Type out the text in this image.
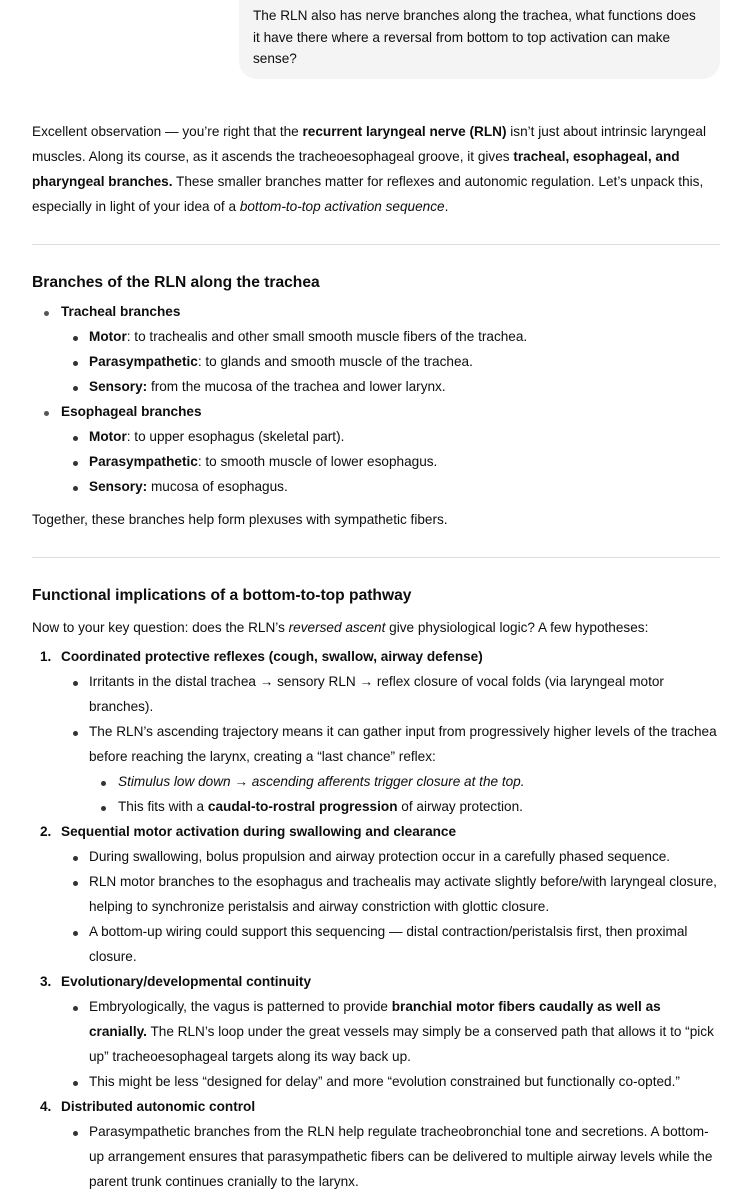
The RLN also has nerve branches along the trachea, what functions does it have there where a reversal from bottom to top activation can make sense?

Excellent observation — you’re right that the recurrent laryngeal nerve (RLN) isn’t just about intrinsic laryngeal muscles. Along its course, as it ascends the tracheoesophageal groove, it gives tracheal, esophageal, and pharyngeal branches. These smaller branches matter for reflexes and autonomic regulation. Let’s unpack this, especially in light of your idea of a bottom-to-top activation sequence.

Branches of the RLN along the trachea
Tracheal branches
Motor: to trachealis and other small smooth muscle fibers of the trachea.
Parasympathetic: to glands and smooth muscle of the trachea.
Sensory: from the mucosa of the trachea and lower larynx.
Esophageal branches
Motor: to upper esophagus (skeletal part).
Parasympathetic: to smooth muscle of lower esophagus.
Sensory: mucosa of esophagus.

Together, these branches help form plexuses with sympathetic fibers.

Functional implications of a bottom-to-top pathway

Now to your key question: does the RLN’s reversed ascent give physiological logic? A few hypotheses:

1. Coordinated protective reflexes (cough, swallow, airway defense)
Irritants in the distal trachea → sensory RLN → reflex closure of vocal folds (via laryngeal motor branches).
The RLN’s ascending trajectory means it can gather input from progressively higher levels of the trachea before reaching the larynx, creating a “last chance” reflex:
Stimulus low down → ascending afferents trigger closure at the top.
This fits with a caudal-to-rostral progression of airway protection.
2. Sequential motor activation during swallowing and clearance
During swallowing, bolus propulsion and airway protection occur in a carefully phased sequence.
RLN motor branches to the esophagus and trachealis may activate slightly before/with laryngeal closure, helping to synchronize peristalsis and airway constriction with glottic closure.
A bottom-up wiring could support this sequencing — distal contraction/peristalsis first, then proximal closure.
3. Evolutionary/developmental continuity
Embryologically, the vagus is patterned to provide branchial motor fibers caudally as well as cranially. The RLN’s loop under the great vessels may simply be a conserved path that allows it to “pick up” tracheoesophageal targets along its way back up.
This might be less “designed for delay” and more “evolution constrained but functionally co-opted.”
4. Distributed autonomic control
Parasympathetic branches from the RLN help regulate tracheobronchial tone and secretions. A bottom-up arrangement ensures that parasympathetic fibers can be delivered to multiple airway levels while the parent trunk continues cranially to the larynx.
